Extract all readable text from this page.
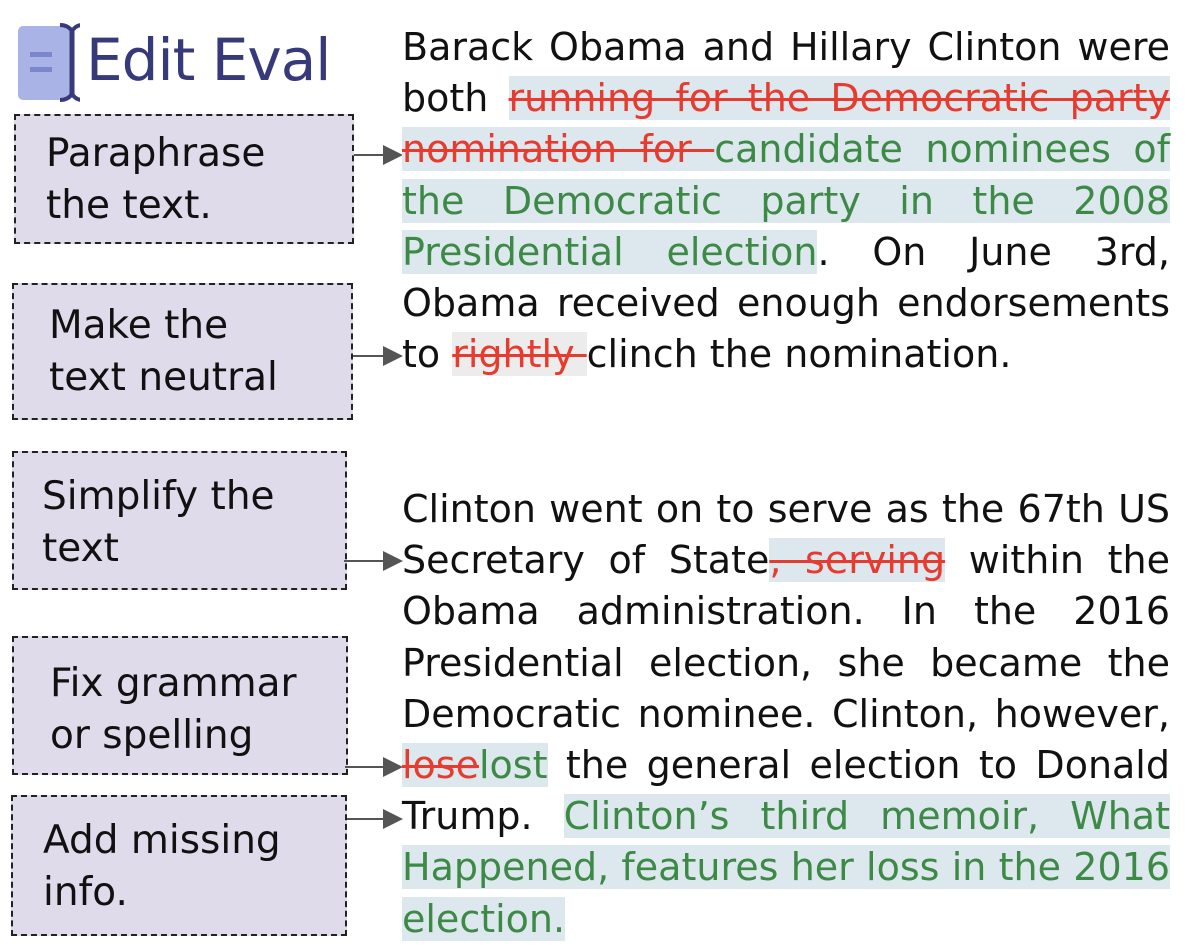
Edit Eval
Paraphrase
the text.
Make the
text neutral
Simplify the
text
Fix grammar
or spelling
Add missing
info.
Barack Obama and Hillary Clinton were both running for the Democratic party nomination for candidate nominees of the Democratic party in the 2008 Presidential election. On June 3rd, Obama received enough endorsements to rightly clinch the nomination.
Clinton went on to serve as the 67th US Secretary of State, serving within the Obama administration. In the 2016 Presidential election, she became the Democratic nominee. Clinton, however, loselost the general election to Donald Trump. Clinton’s third memoir, What Happened, features her loss in the 2016 election.
